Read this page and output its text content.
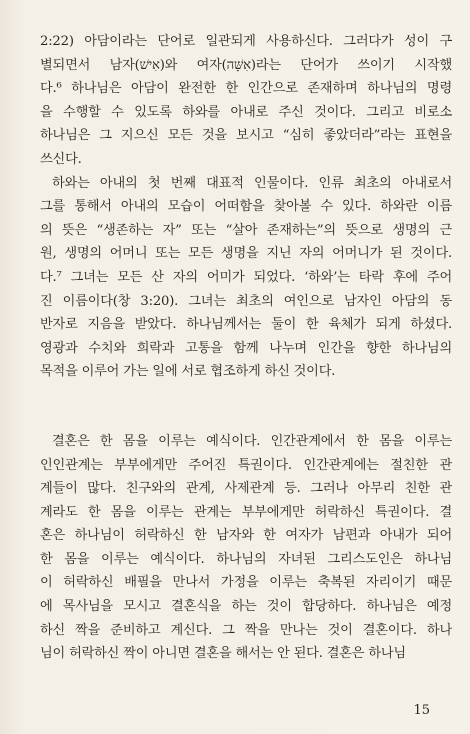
2:22) 아담이라는 단어로 일관되게 사용하신다. 그러다가 성이 구
별되면서 남자(אִישׁ)와 여자(אִשָּׁה)라는 단어가 쓰이기 시작했
다.⁶ 하나님은 아담이 완전한 한 인간으로 존재하며 하나님의 명령
을 수행할 수 있도록 하와를 아내로 주신 것이다. 그리고 비로소
하나님은 그 지으신 모든 것을 보시고 “심히 좋았더라”라는 표현을
쓰신다.
하와는 아내의 첫 번째 대표적 인물이다. 인류 최초의 아내로서
그를 통해서 아내의 모습이 어떠함을 찾아볼 수 있다. 하와란 이름
의 뜻은 “생존하는 자” 또는 “살아 존재하는”의 뜻으로 생명의 근
원, 생명의 어머니 또는 모든 생명을 지닌 자의 어머니가 된 것이다.
다.⁷ 그녀는 모든 산 자의 어미가 되었다. ‘하와’는 타락 후에 주어
진 이름이다(창 3:20). 그녀는 최초의 여인으로 남자인 아담의 동
반자로 지음을 받았다. 하나님께서는 둘이 한 육체가 되게 하셨다.
영광과 수치와 희락과 고통을 함께 나누며 인간을 향한 하나님의
목적을 이루어 가는 일에 서로 협조하게 하신 것이다.
결혼은 한 몸을 이루는 예식이다. 인간관계에서 한 몸을 이루는
인인관계는 부부에게만 주어진 특권이다. 인간관계에는 절친한 관
계들이 많다. 친구와의 관계, 사제관계 등. 그러나 아무리 친한 관
계라도 한 몸을 이루는 관계는 부부에게만 허락하신 특권이다. 결
혼은 하나님이 허락하신 한 남자와 한 여자가 남편과 아내가 되어
한 몸을 이루는 예식이다. 하나님의 자녀된 그리스도인은 하나님
이 허락하신 배필을 만나서 가정을 이루는 축복된 자리이기 때문
에 목사님을 모시고 결혼식을 하는 것이 합당하다. 하나님은 예정
하신 짝을 준비하고 계신다. 그 짝을 만나는 것이 결혼이다. 하나
님이 허락하신 짝이 아니면 결혼을 해서는 안 된다. 결혼은 하나님
15
